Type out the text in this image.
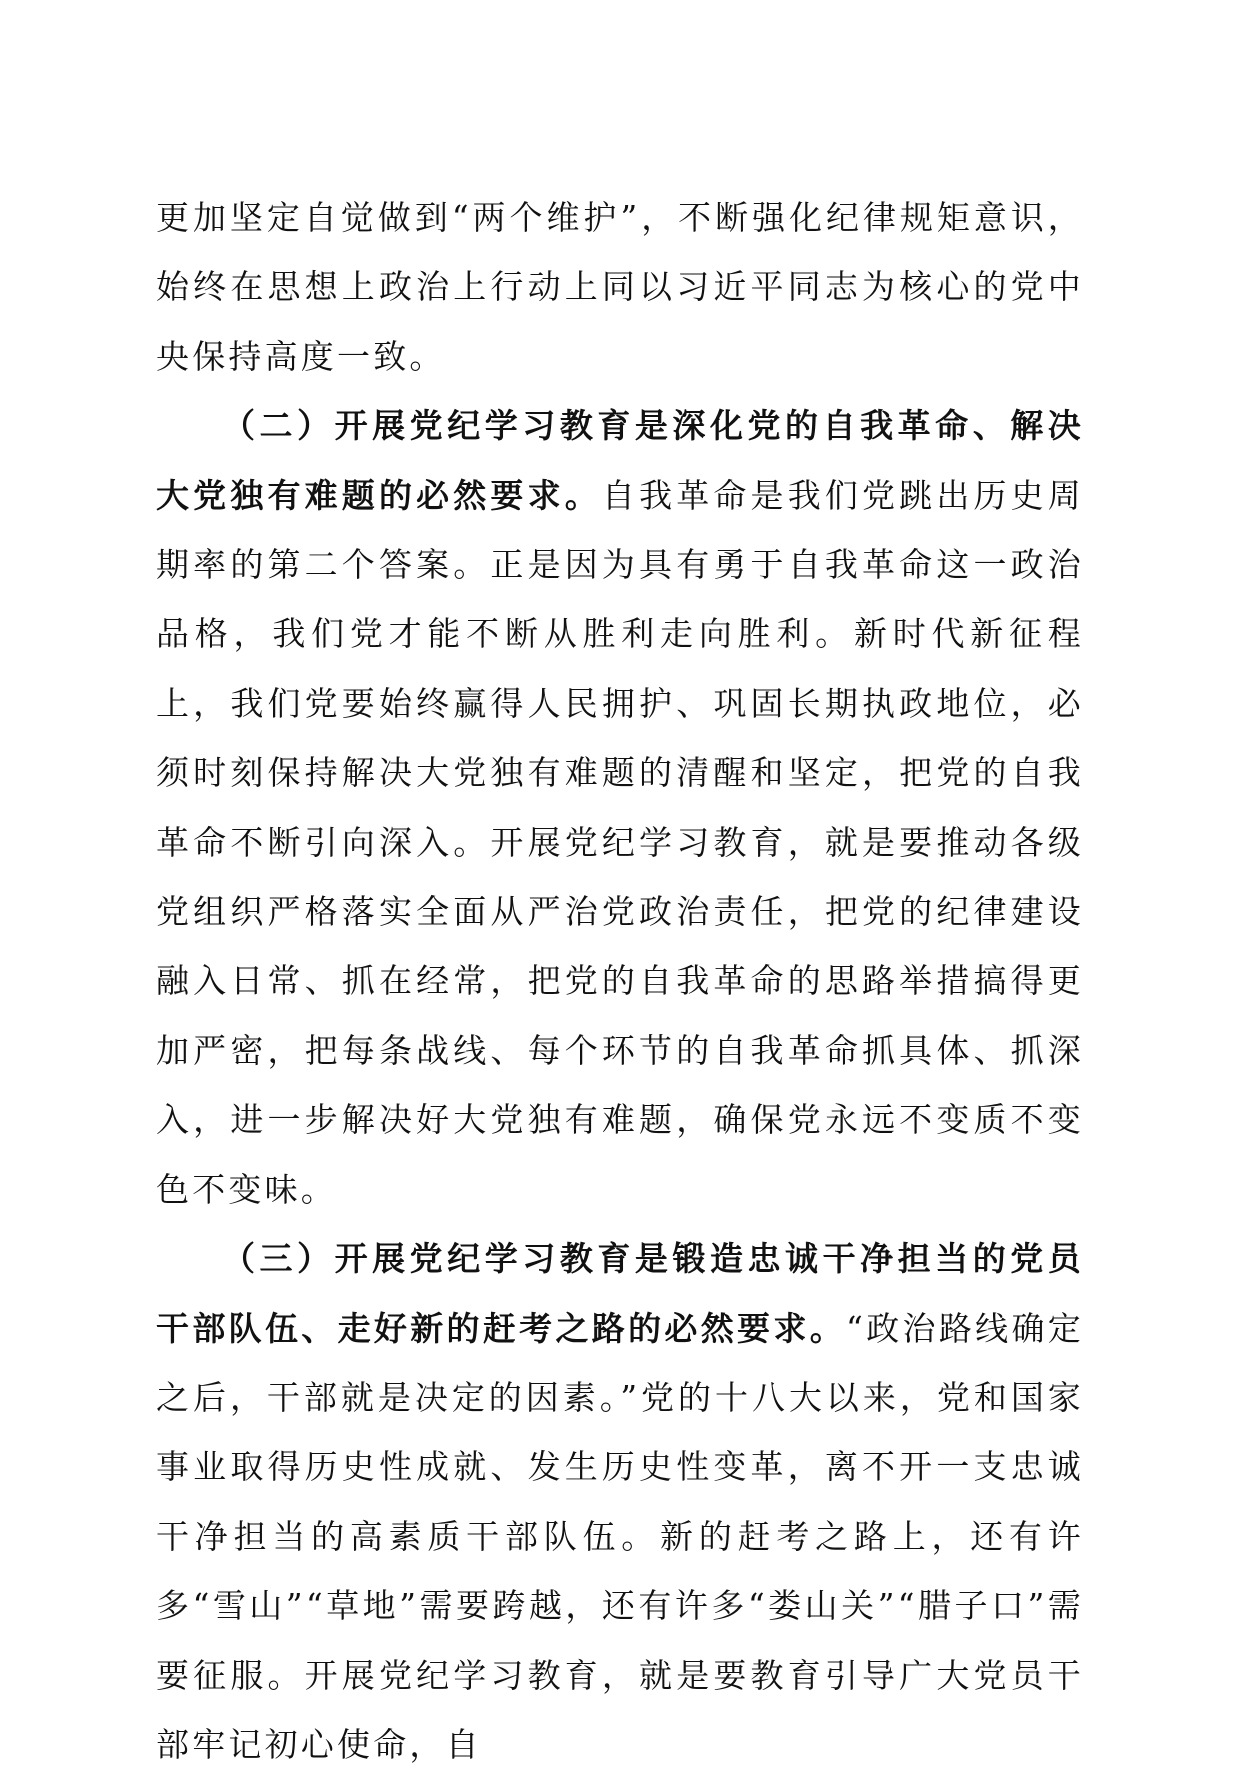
更加坚定自觉做到“两个维护”，不断强化纪律规矩意识，始终在思想上政治上行动上同以习近平同志为核心的党中央保持高度一致。

（二）开展党纪学习教育是深化党的自我革命、解决大党独有难题的必然要求。自我革命是我们党跳出历史周期率的第二个答案。正是因为具有勇于自我革命这一政治品格，我们党才能不断从胜利走向胜利。新时代新征程上，我们党要始终赢得人民拥护、巩固长期执政地位，必须时刻保持解决大党独有难题的清醒和坚定，把党的自我革命不断引向深入。开展党纪学习教育，就是要推动各级党组织严格落实全面从严治党政治责任，把党的纪律建设融入日常、抓在经常，把党的自我革命的思路举措搞得更加严密，把每条战线、每个环节的自我革命抓具体、抓深入，进一步解决好大党独有难题，确保党永远不变质不变色不变味。

（三）开展党纪学习教育是锻造忠诚干净担当的党员干部队伍、走好新的赶考之路的必然要求。“政治路线确定之后，干部就是决定的因素。”党的十八大以来，党和国家事业取得历史性成就、发生历史性变革，离不开一支忠诚干净担当的高素质干部队伍。新的赶考之路上，还有许多“雪山”“草地”需要跨越，还有许多“娄山关”“腊子口”需要征服。开展党纪学习教育，就是要教育引导广大党员干部牢记初心使命，自
